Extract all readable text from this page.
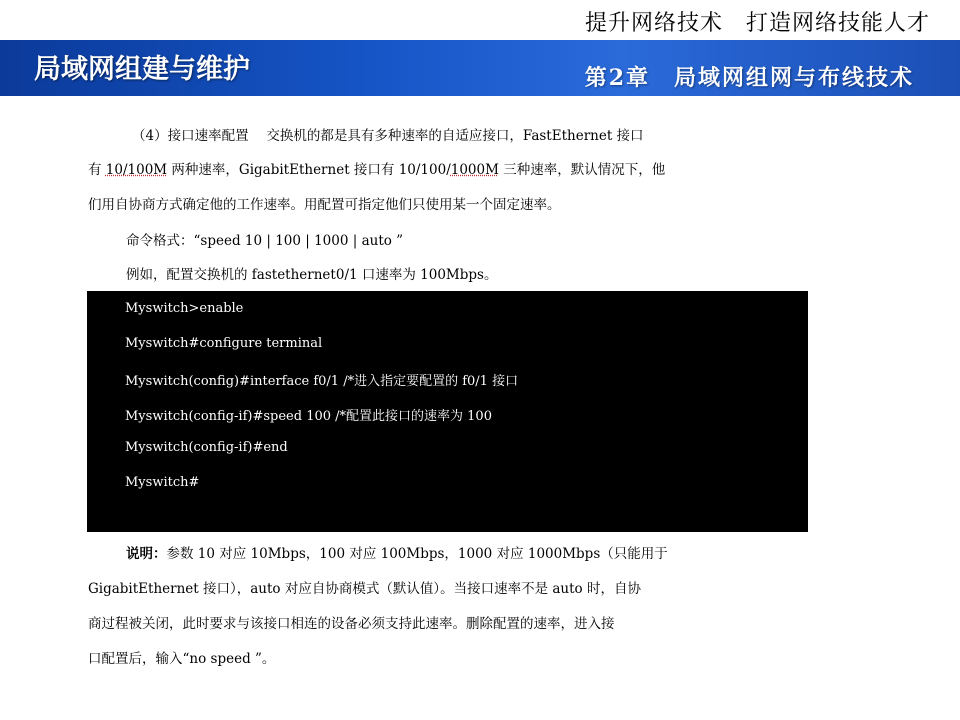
提升网络技术　打造网络技能人才
局域网组建与维护	第2章　局域网组网与布线技术
（4）接口速率配置　 交换机的都是具有多种速率的自适应接口，FastEthernet 接口
有 10/100M 两种速率，GigabitEthernet 接口有 10/100/1000M 三种速率，默认情况下，他
们用自协商方式确定他的工作速率。用配置可指定他们只使用某一个固定速率。
命令格式：“speed 10 | 100 | 1000 | auto ”
例如，配置交换机的 fastethernet0/1 口速率为 100Mbps。
Myswitch>enable
Myswitch#configure terminal
Myswitch(config)#interface f0/1 /*进入指定要配置的 f0/1 接口
Myswitch(config-if)#speed 100 /*配置此接口的速率为 100
Myswitch(config-if)#end
Myswitch#
说明：参数 10 对应 10Mbps，100 对应 100Mbps，1000 对应 1000Mbps（只能用于
GigabitEthernet 接口），auto 对应自协商模式（默认值）。当接口速率不是 auto 时，自协
商过程被关闭，此时要求与该接口相连的设备必须支持此速率。删除配置的速率，进入接
口配置后，输入“no speed ”。
